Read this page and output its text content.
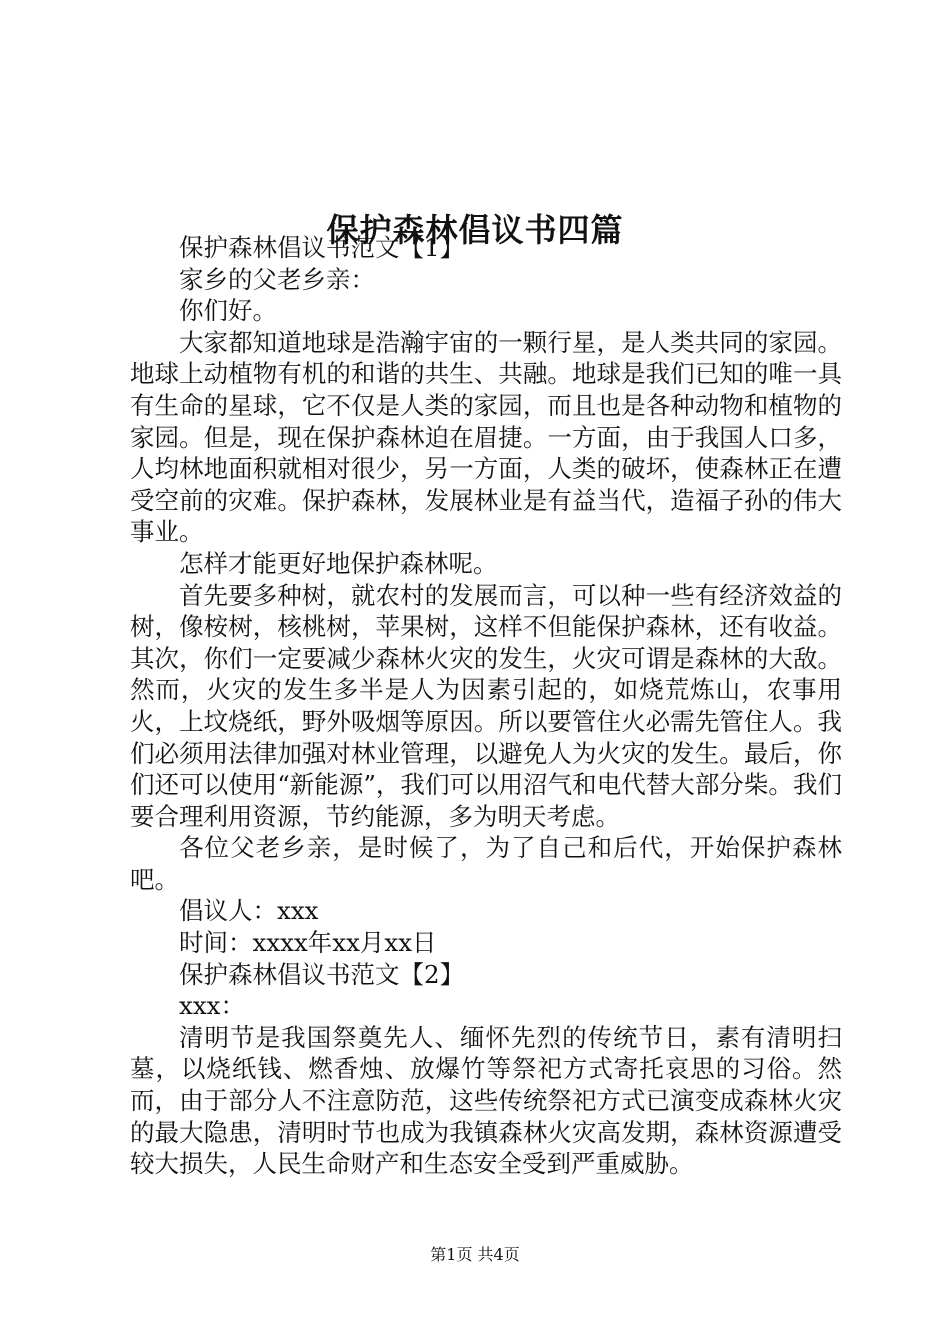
保护森林倡议书四篇

保护森林倡议书范文【1】

家乡的父老乡亲：

你们好。

大家都知道地球是浩瀚宇宙的一颗行星，是人类共同的家园。地球上动植物有机的和谐的共生、共融。地球是我们已知的唯一具有生命的星球，它不仅是人类的家园，而且也是各种动物和植物的家园。但是，现在保护森林迫在眉捷。一方面，由于我国人口多，人均林地面积就相对很少，另一方面，人类的破坏，使森林正在遭受空前的灾难。保护森林，发展林业是有益当代，造福子孙的伟大事业。

怎样才能更好地保护森林呢。

首先要多种树，就农村的发展而言，可以种一些有经济效益的树，像桉树，核桃树，苹果树，这样不但能保护森林，还有收益。其次，你们一定要减少森林火灾的发生，火灾可谓是森林的大敌。然而，火灾的发生多半是人为因素引起的，如烧荒炼山，农事用火，上坟烧纸，野外吸烟等原因。所以要管住火必需先管住人。我们必须用法律加强对林业管理，以避免人为火灾的发生。最后，你们还可以使用“新能源”，我们可以用沼气和电代替大部分柴。我们要合理利用资源，节约能源，多为明天考虑。

各位父老乡亲，是时候了，为了自己和后代，开始保护森林吧。

倡议人：xxx

时间：xxxx年xx月xx日

保护森林倡议书范文【2】

xxx：

清明节是我国祭奠先人、缅怀先烈的传统节日，素有清明扫墓，以烧纸钱、燃香烛、放爆竹等祭祀方式寄托哀思的习俗。然而，由于部分人不注意防范，这些传统祭祀方式已演变成森林火灾的最大隐患，清明时节也成为我镇森林火灾高发期，森林资源遭受较大损失，人民生命财产和生态安全受到严重威胁。

第1页 共4页
